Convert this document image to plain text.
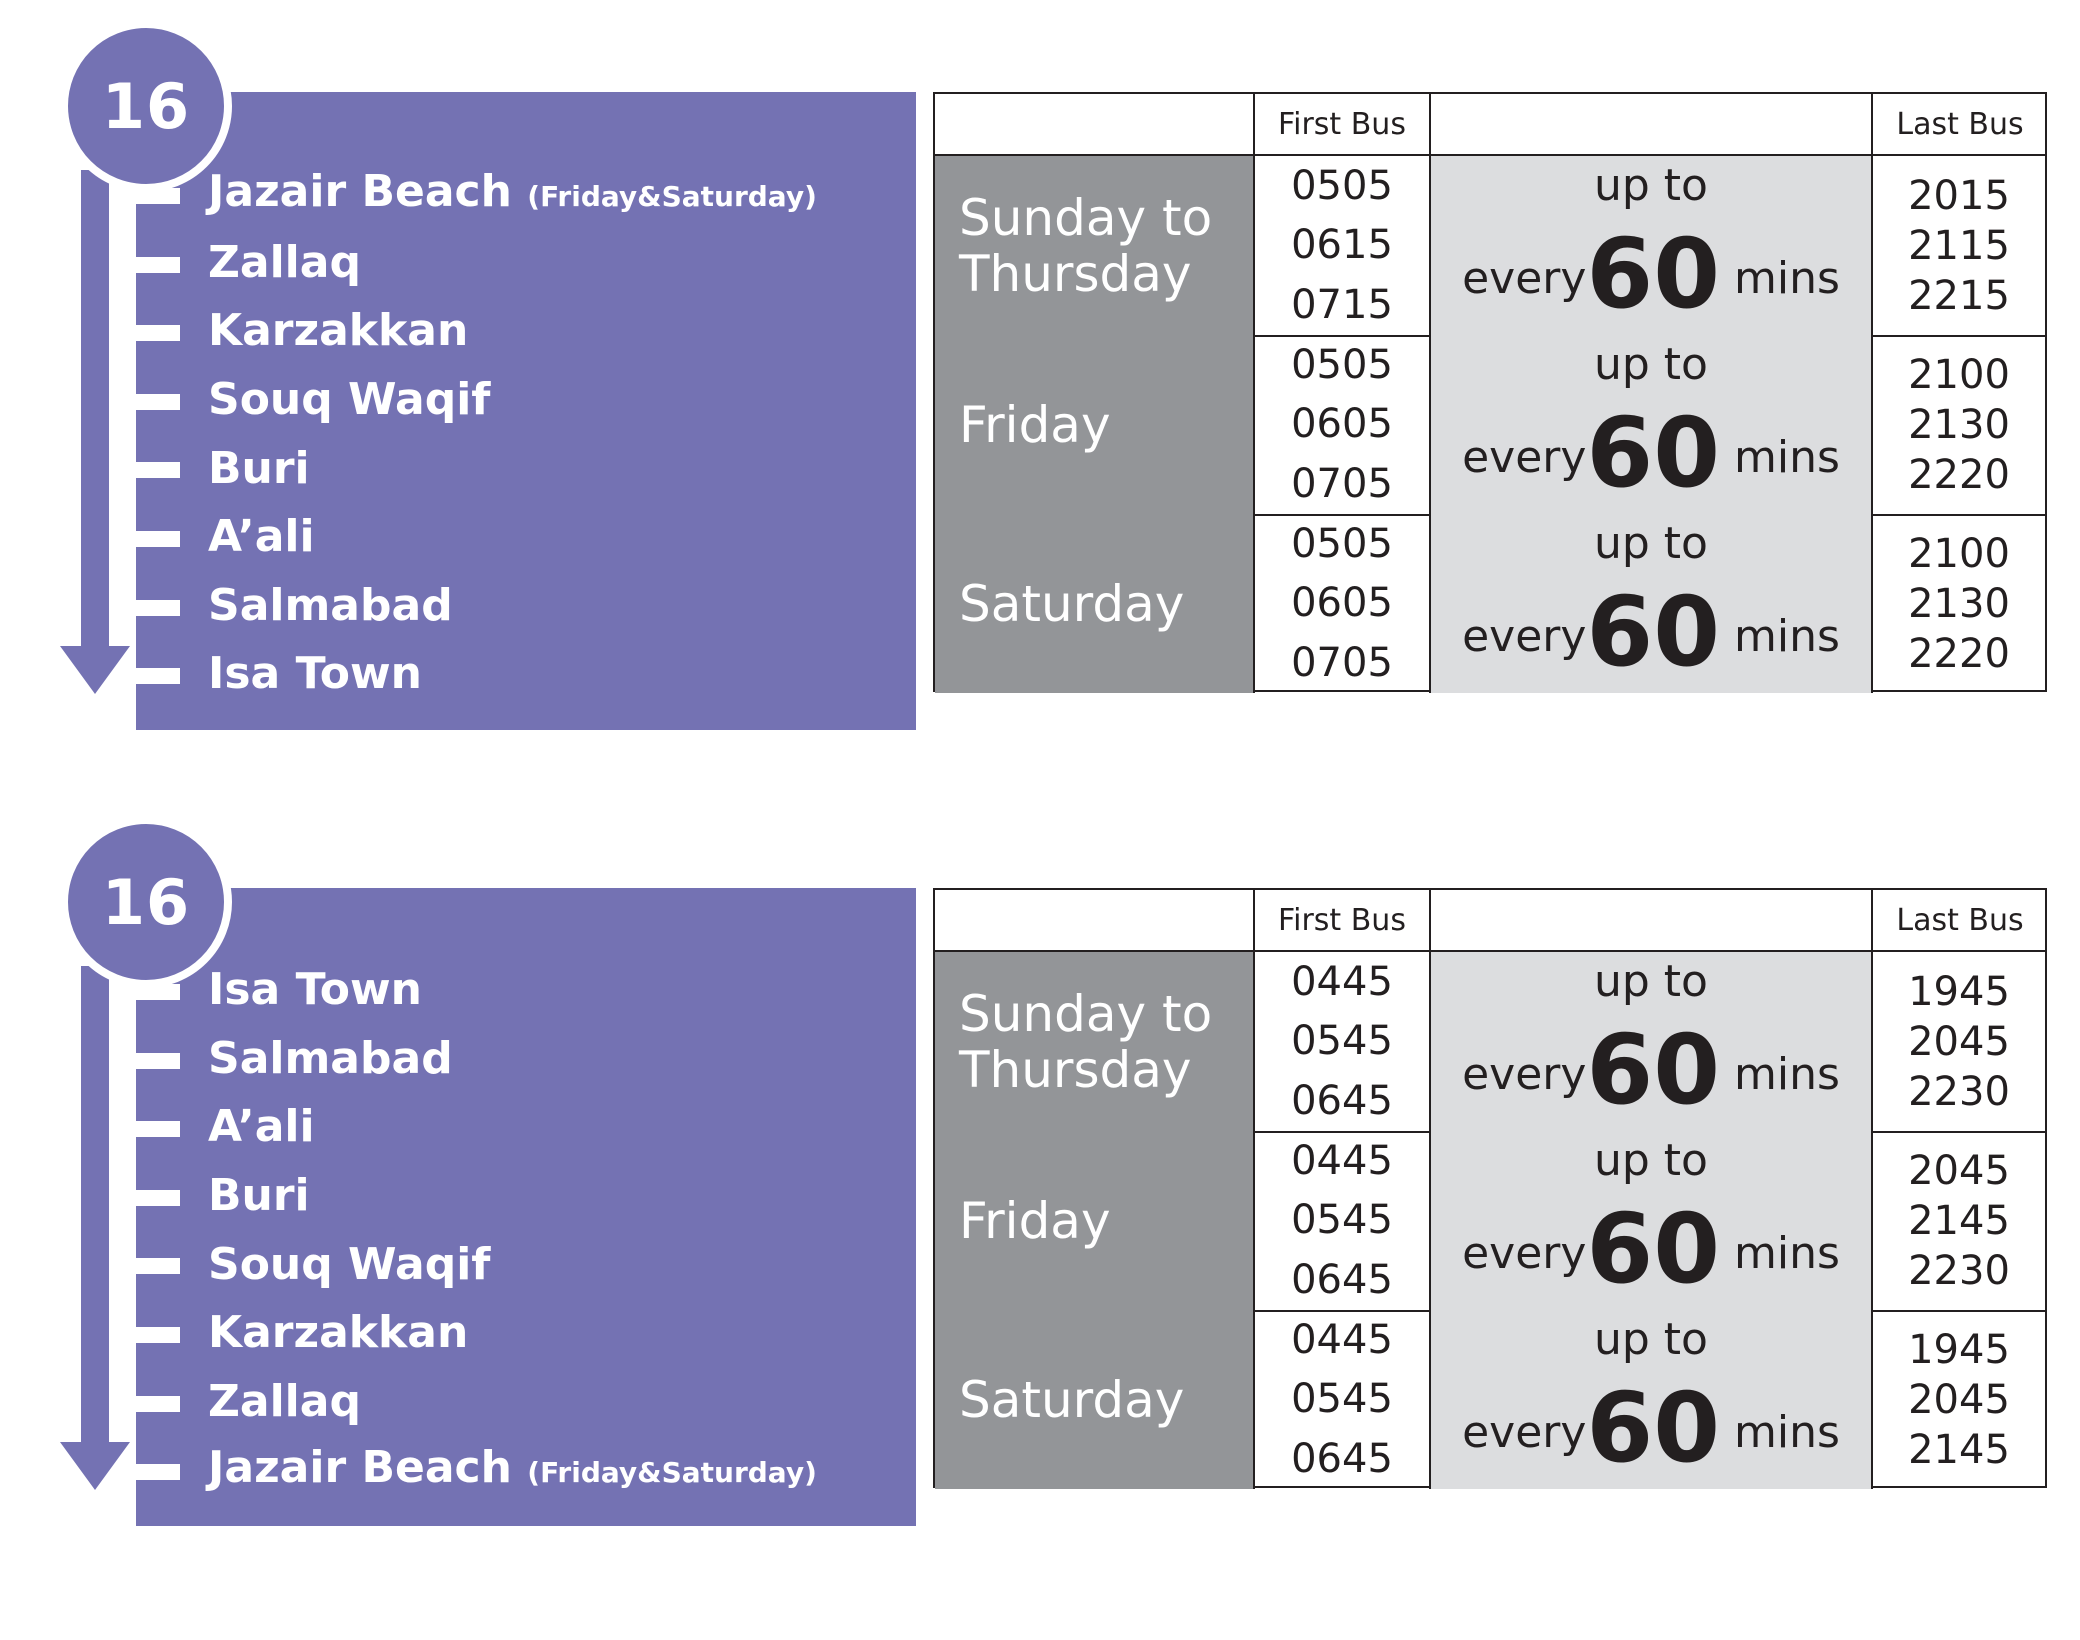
16
Jazair Beach (Friday&Saturday)
Zallaq
Karzakkan
Souq Waqif
Buri
A’ali
Salmabad
Isa Town
First Bus	Last Bus
Sunday to
Thursday
0505
0615
0715
up to
every60 mins
2015
2115
2215
Friday
0505
0605
0705
up to
every60 mins
2100
2130
2220
Saturday
0505
0605
0705
up to
every60 mins
2100
2130
2220
16
Isa Town
Salmabad
A’ali
Buri
Souq Waqif
Karzakkan
Zallaq
Jazair Beach (Friday&Saturday)
First Bus	Last Bus
Sunday to
Thursday
0445
0545
0645
up to
every60 mins
1945
2045
2230
Friday
0445
0545
0645
up to
every60 mins
2045
2145
2230
Saturday
0445
0545
0645
up to
every60 mins
1945
2045
2145
